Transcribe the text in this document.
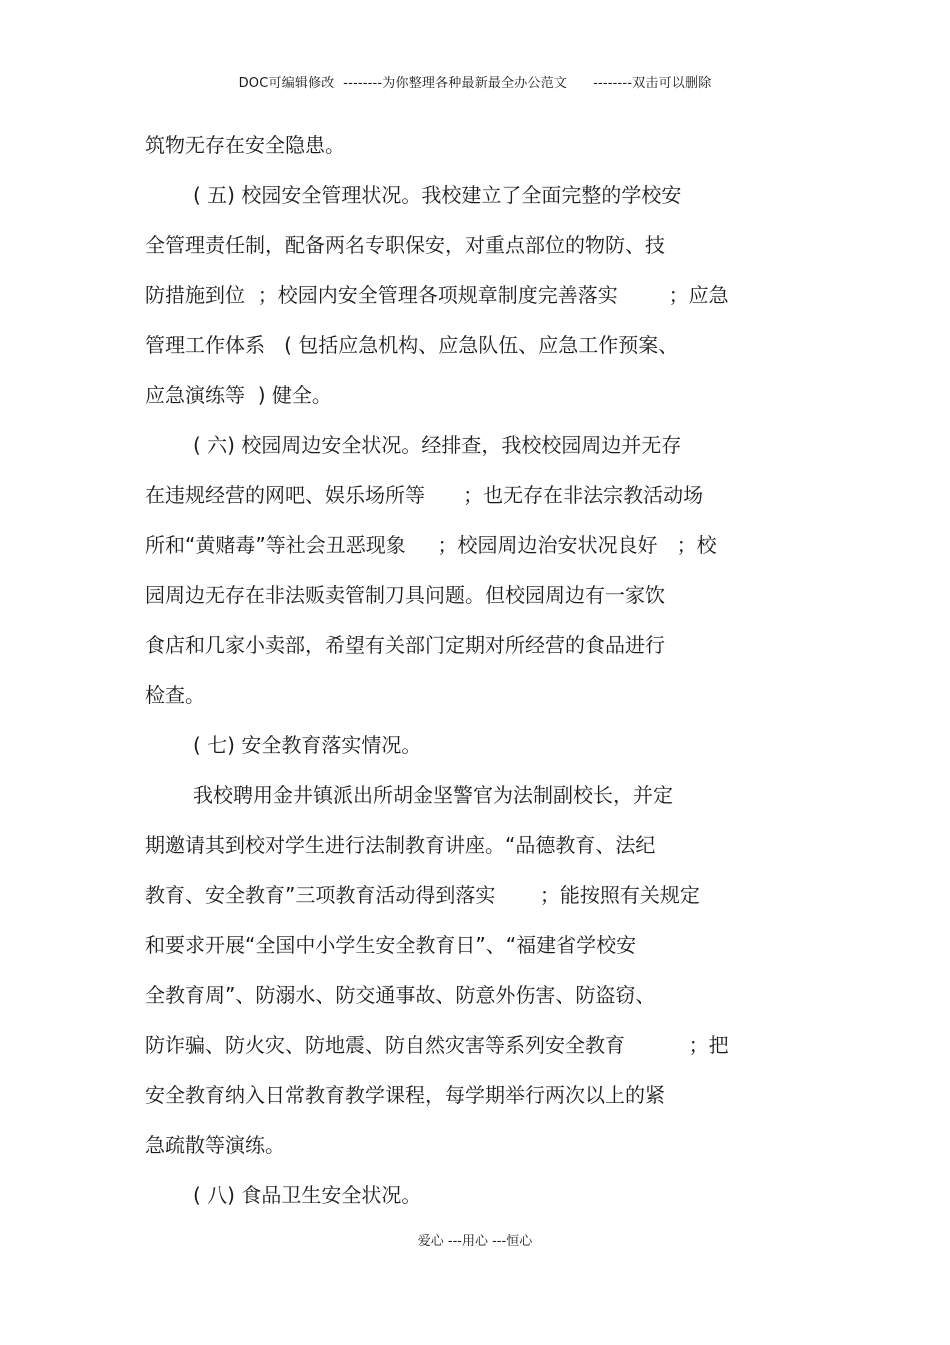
DOC可编辑修改  --------为你整理各种最新最全办公范文      --------双击可以删除
筑物无存在安全隐患。
( 五) 校园安全管理状况。我校建立了全面完整的学校安
全管理责任制，配备两名专职保安，对重点部位的物防、技
防措施到位  ；校园内安全管理各项规章制度完善落实        ；应急
管理工作体系   ( 包括应急机构、应急队伍、应急工作预案、
应急演练等  ) 健全。
( 六) 校园周边安全状况。经排查，我校校园周边并无存
在违规经营的网吧、娱乐场所等      ；也无存在非法宗教活动场
所和“黄赌毒”等社会丑恶现象     ；校园周边治安状况良好   ；校
园周边无存在非法贩卖管制刀具问题。但校园周边有一家饮
食店和几家小卖部，希望有关部门定期对所经营的食品进行
检查。
( 七) 安全教育落实情况。
我校聘用金井镇派出所胡金坚警官为法制副校长，并定
期邀请其到校对学生进行法制教育讲座。“品德教育、法纪
教育、安全教育”三项教育活动得到落实       ；能按照有关规定
和要求开展“全国中小学生安全教育日”、“福建省学校安
全教育周”、防溺水、防交通事故、防意外伤害、防盗窃、
防诈骗、防火灾、防地震、防自然灾害等系列安全教育          ；把
安全教育纳入日常教育教学课程，每学期举行两次以上的紧
急疏散等演练。
( 八) 食品卫生安全状况。
爱心 ---用心 ---恒心
